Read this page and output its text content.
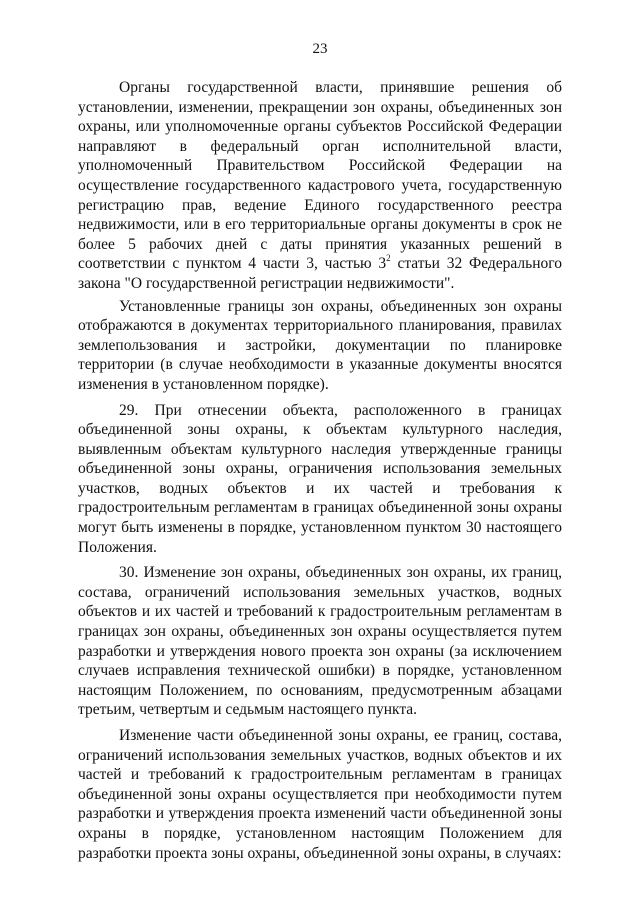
23

Органы государственной власти, принявшие решения об установлении, изменении, прекращении зон охраны, объединенных зон охраны, или уполномоченные органы субъектов Российской Федерации направляют в федеральный орган исполнительной власти, уполномоченный Правительством Российской Федерации на осуществление государственного кадастрового учета, государственную регистрацию прав, ведение Единого государственного реестра недвижимости, или в его территориальные органы документы в срок не более 5 рабочих дней с даты принятия указанных решений в соответствии с пунктом 4 части 3, частью $3^2$ статьи 32 Федерального закона "О государственной регистрации недвижимости".

Установленные границы зон охраны, объединенных зон охраны отображаются в документах территориального планирования, правилах землепользования и застройки, документации по планировке территории (в случае необходимости в указанные документы вносятся изменения в установленном порядке).

29. При отнесении объекта, расположенного в границах объединенной зоны охраны, к объектам культурного наследия, выявленным объектам культурного наследия утвержденные границы объединенной зоны охраны, ограничения использования земельных участков, водных объектов и их частей и требования к градостроительным регламентам в границах объединенной зоны охраны могут быть изменены в порядке, установленном пунктом 30 настоящего Положения.

30. Изменение зон охраны, объединенных зон охраны, их границ, состава, ограничений использования земельных участков, водных объектов и их частей и требований к градостроительным регламентам в границах зон охраны, объединенных зон охраны осуществляется путем разработки и утверждения нового проекта зон охраны (за исключением случаев исправления технической ошибки) в порядке, установленном настоящим Положением, по основаниям, предусмотренным абзацами третьим, четвертым и седьмым настоящего пункта.

Изменение части объединенной зоны охраны, ее границ, состава, ограничений использования земельных участков, водных объектов и их частей и требований к градостроительным регламентам в границах объединенной зоны охраны осуществляется при необходимости путем разработки и утверждения проекта изменений части объединенной зоны охраны в порядке, установленном настоящим Положением для разработки проекта зоны охраны, объединенной зоны охраны, в случаях:
